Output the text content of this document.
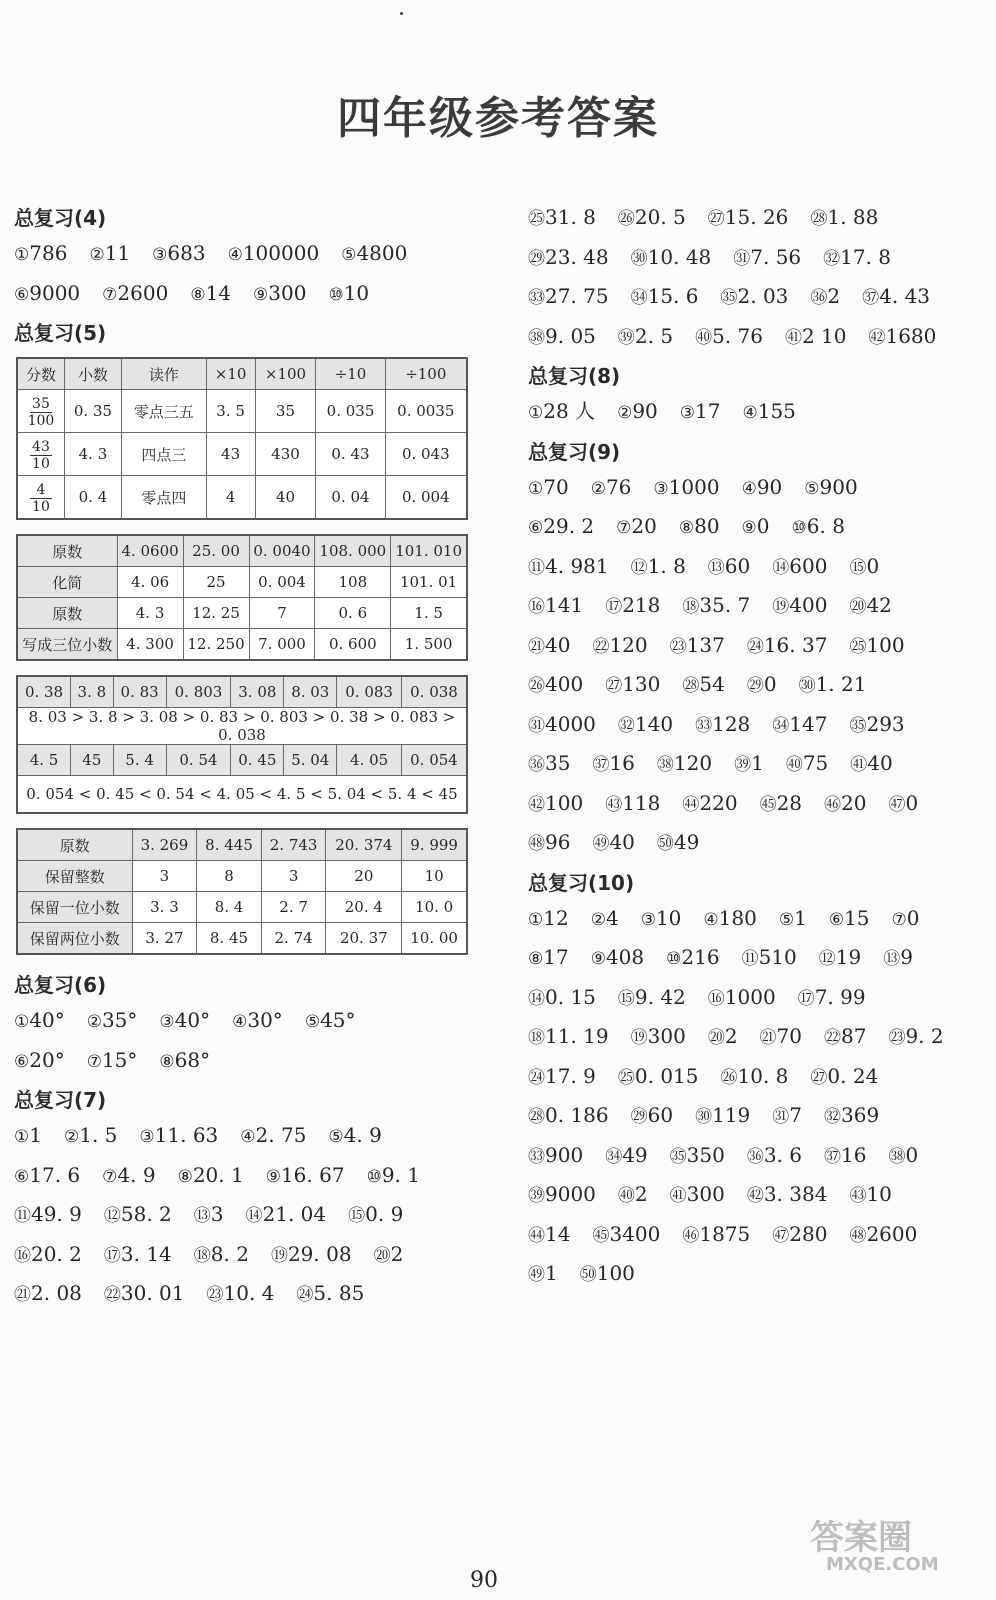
四年级参考答案
总复习(4)
①786 ②11 ③683 ④100000 ⑤4800
⑥9000 ⑦2600 ⑧14 ⑨300 ⑩10
总复习(5)
分数	小数	读作	×10	×100	÷10	÷100

$\frac{35}{100}$	0. 35	零点三五	3. 5	35	0. 035	0. 0035

$\frac{43}{10}$	4. 3	四点三	43	430	0. 43	0. 043

$\frac{4}{10}$	0. 4	零点四	4	40	0. 04	0. 004
原数	4. 0600	25. 00	0. 0040	108. 000	101. 010
化简	4. 06	25	0. 004	108	101. 01
原数	4. 3	12. 25	7	0. 6	1. 5
写成三位小数	4. 300	12. 250	7. 000	0. 600	1. 500
0. 38	3. 8	0. 83	0. 803	3. 08	8. 03	0. 083	0. 038
8. 03 > 3. 8 > 3. 08 > 0. 83 > 0. 803 > 0. 38 > 0. 083 > 0. 038							
4. 5	45	5. 4	0. 54	0. 45	5. 04	4. 05	0. 054
0. 054 < 0. 45 < 0. 54 < 4. 05 < 4. 5 < 5. 04 < 5. 4 < 45							
原数	3. 269	8. 445	2. 743	20. 374	9. 999
保留整数	3	8	3	20	10
保留一位小数	3. 3	8. 4	2. 7	20. 4	10. 0
保留两位小数	3. 27	8. 45	2. 74	20. 37	10. 00
总复习(6)
①40° ②35° ③40° ④30° ⑤45°
⑥20° ⑦15° ⑧68°
总复习(7)
①1 ②1. 5 ③11. 63 ④2. 75 ⑤4. 9
⑥17. 6 ⑦4. 9 ⑧20. 1 ⑨16. 67 ⑩9. 1
⑪49. 9 ⑫58. 2 ⑬3 ⑭21. 04 ⑮0. 9
⑯20. 2 ⑰3. 14 ⑱8. 2 ⑲29. 08 ⑳2
㉑2. 08 ㉒30. 01 ㉓10. 4 ㉔5. 85
㉕31. 8 ㉖20. 5 ㉗15. 26 ㉘1. 88
㉙23. 48 ㉚10. 48 ㉛7. 56 ㉜17. 8
㉝27. 75 ㉞15. 6 ㉟2. 03 ㊱2 ㊲4. 43
㊳9. 05 ㊴2. 5 ㊵5. 76 ㊶2 10 ㊷1680
总复习(8)
①28 人 ②90 ③17 ④155
总复习(9)
①70 ②76 ③1000 ④90 ⑤900
⑥29. 2 ⑦20 ⑧80 ⑨0 ⑩6. 8
⑪4. 981 ⑫1. 8 ⑬60 ⑭600 ⑮0
⑯141 ⑰218 ⑱35. 7 ⑲400 ⑳42
㉑40 ㉒120 ㉓137 ㉔16. 37 ㉕100
㉖400 ㉗130 ㉘54 ㉙0 ㉚1. 21
㉛4000 ㉜140 ㉝128 ㉞147 ㉟293
㊱35 ㊲16 ㊳120 ㊴1 ㊵75 ㊶40
㊷100 ㊸118 ㊹220 ㊺28 ㊻20 ㊼0
㊽96 ㊾40 ㊿49
总复习(10)
①12 ②4 ③10 ④180 ⑤1 ⑥15 ⑦0
⑧17 ⑨408 ⑩216 ⑪510 ⑫19 ⑬9
⑭0. 15 ⑮9. 42 ⑯1000 ⑰7. 99
⑱11. 19 ⑲300 ⑳2 ㉑70 ㉒87 ㉓9. 2
㉔17. 9 ㉕0. 015 ㉖10. 8 ㉗0. 24
㉘0. 186 ㉙60 ㉚119 ㉛7 ㉜369
㉝900 ㉞49 ㉟350 ㊱3. 6 ㊲16 ㊳0
㊴9000 ㊵2 ㊶300 ㊷3. 384 ㊸10
㊹14 ㊺3400 ㊻1875 ㊼280 ㊽2600
㊾1 ㊿100
90
答案圈
MXQE.COM
